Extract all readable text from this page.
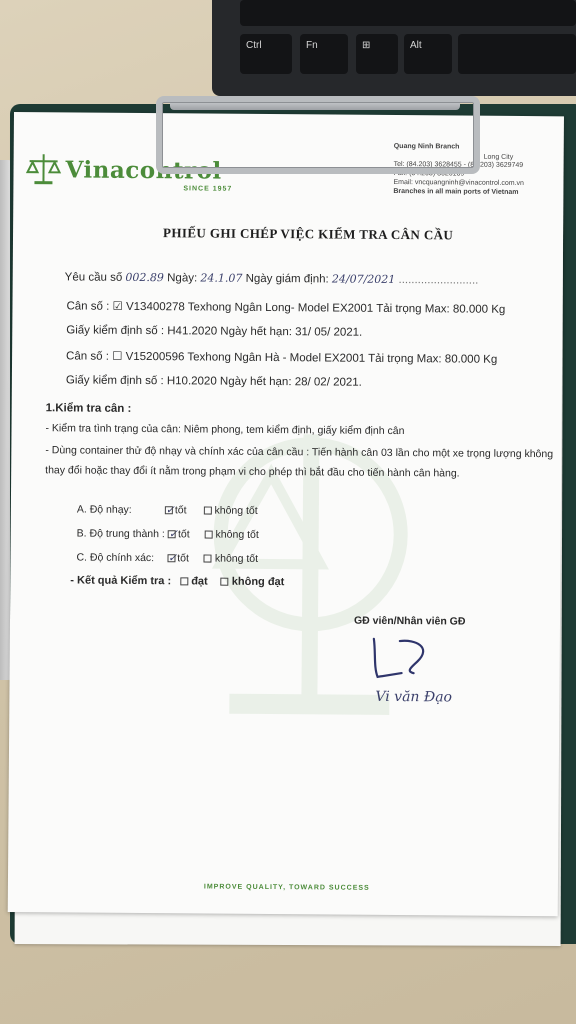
Ctrl	Fn	⊞	Alt
Vinacontrol
SINCE 1957
Quang Ninh Branch
Long City
Tel: (84.203) 3628455 - (84.203) 3629749
Fax: (84.203) 3626169
Email: vncquangninh@vinacontrol.com.vn
Branches in all main ports of Vietnam
PHIẾU GHI CHÉP VIỆC KIỂM TRA CÂN CẦU
Yêu cầu số 002.89 Ngày: 24.1.07 Ngày giám định: 24/07/2021 .........................
Cân số : ☑ V13400278 Texhong Ngân Long- Model EX2001 Tải trọng Max: 80.000 Kg
Giấy kiểm định số : H41.2020 Ngày hết hạn: 31/ 05/ 2021.
Cân số : ☐ V15200596 Texhong Ngân Hà - Model EX2001 Tải trọng Max: 80.000 Kg
Giấy kiểm định số : H10.2020 Ngày hết hạn: 28/ 02/ 2021.
1.Kiểm tra cân :
- Kiểm tra tình trạng của cân: Niêm phong, tem kiểm định, giấy kiểm định cân
- Dùng container thử độ nhạy và chính xác của cân cầu : Tiến hành cân 03 lần cho một xe trọng lượng không
thay đổi hoặc thay đổi ít nằm trong phạm vi cho phép thì bắt đầu cho tiến hành cân hàng.
A. Độ nhạy:	✓tốt	không tốt
B. Độ trung thành : ✓tốt không tốt
C. Độ chính xác: ✓tốt không tốt
- Kết quả Kiểm tra : đạt không đạt
GĐ viên/Nhân viên GĐ
Vi văn Đạo
IMPROVE QUALITY, TOWARD SUCCESS
